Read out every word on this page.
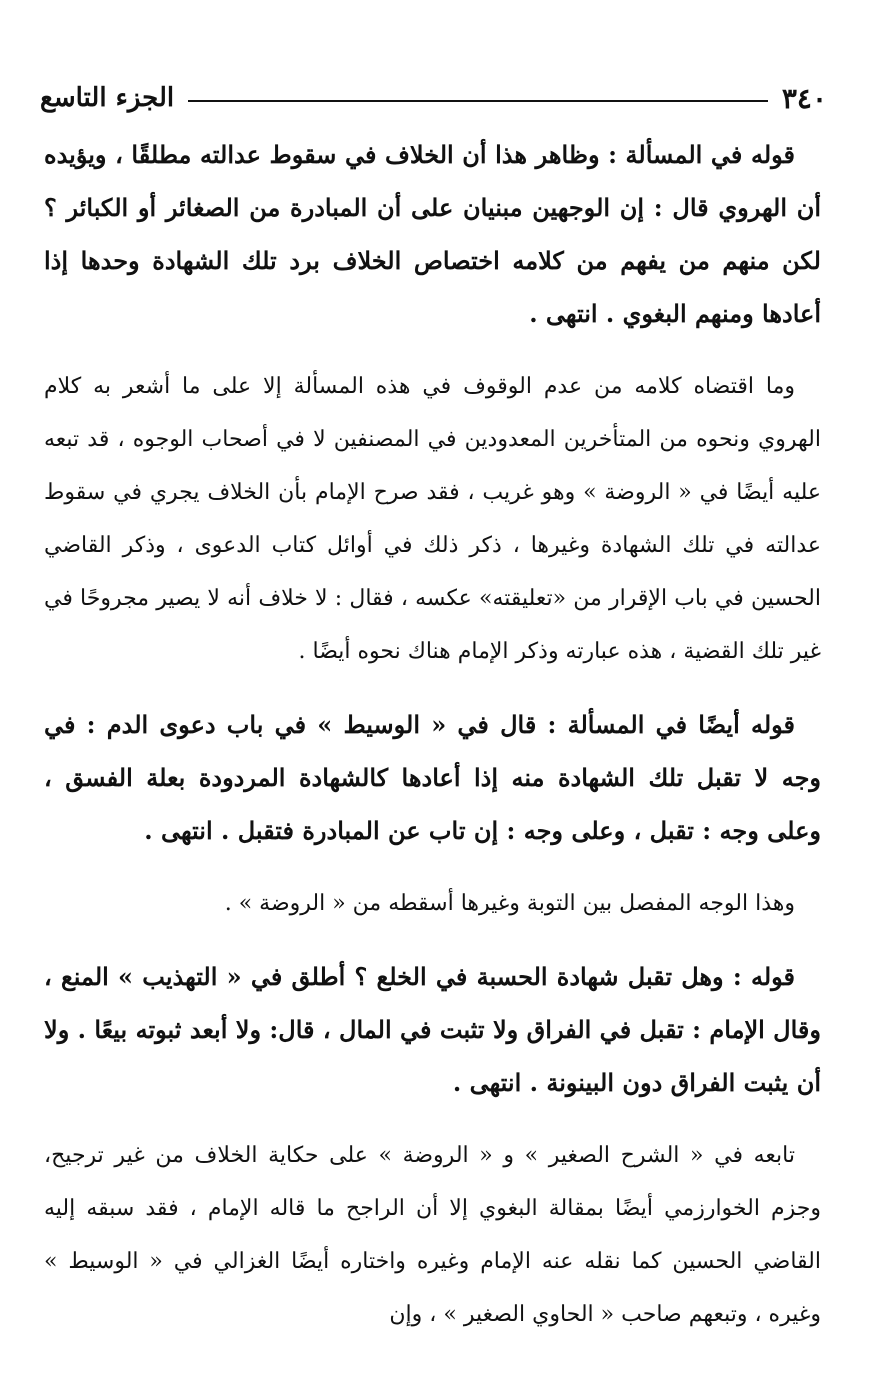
٣٤٠
الجزء التاسع

قوله في المسألة : وظاهر هذا أن الخلاف في سقوط عدالته مطلقًا ، ويؤيده أن الهروي قال : إن الوجهين مبنيان على أن المبادرة من الصغائر أو الكبائر ؟ لكن منهم من يفهم من كلامه اختصاص الخلاف برد تلك الشهادة وحدها إذا أعادها ومنهم البغوي . انتهى .

وما اقتضاه كلامه من عدم الوقوف في هذه المسألة إلا على ما أشعر به كلام الهروي ونحوه من المتأخرين المعدودين في المصنفين لا في أصحاب الوجوه ، قد تبعه عليه أيضًا في « الروضة » وهو غريب ، فقد صرح الإمام بأن الخلاف يجري في سقوط عدالته في تلك الشهادة وغيرها ، ذكر ذلك في أوائل كتاب الدعوى ، وذكر القاضي الحسين في باب الإقرار من «تعليقته» عكسه ، فقال : لا خلاف أنه لا يصير مجروحًا في غير تلك القضية ، هذه عبارته وذكر الإمام هناك نحوه أيضًا .

قوله أيضًا في المسألة : قال في « الوسيط » في باب دعوى الدم : في وجه لا تقبل تلك الشهادة منه إذا أعادها كالشهادة المردودة بعلة الفسق ، وعلى وجه : تقبل ، وعلى وجه : إن تاب عن المبادرة فتقبل . انتهى .

وهذا الوجه المفصل بين التوبة وغيرها أسقطه من « الروضة » .

قوله : وهل تقبل شهادة الحسبة في الخلع ؟ أطلق في « التهذيب » المنع ، وقال الإمام : تقبل في الفراق ولا تثبت في المال ، قال: ولا أبعد ثبوته بيعًا . ولا أن يثبت الفراق دون البينونة . انتهى .

تابعه في « الشرح الصغير » و « الروضة » على حكاية الخلاف من غير ترجيح، وجزم الخوارزمي أيضًا بمقالة البغوي إلا أن الراجح ما قاله الإمام ، فقد سبقه إليه القاضي الحسين كما نقله عنه الإمام وغيره واختاره أيضًا الغزالي في « الوسيط » وغيره ، وتبعهم صاحب « الحاوي الصغير » ، وإن
